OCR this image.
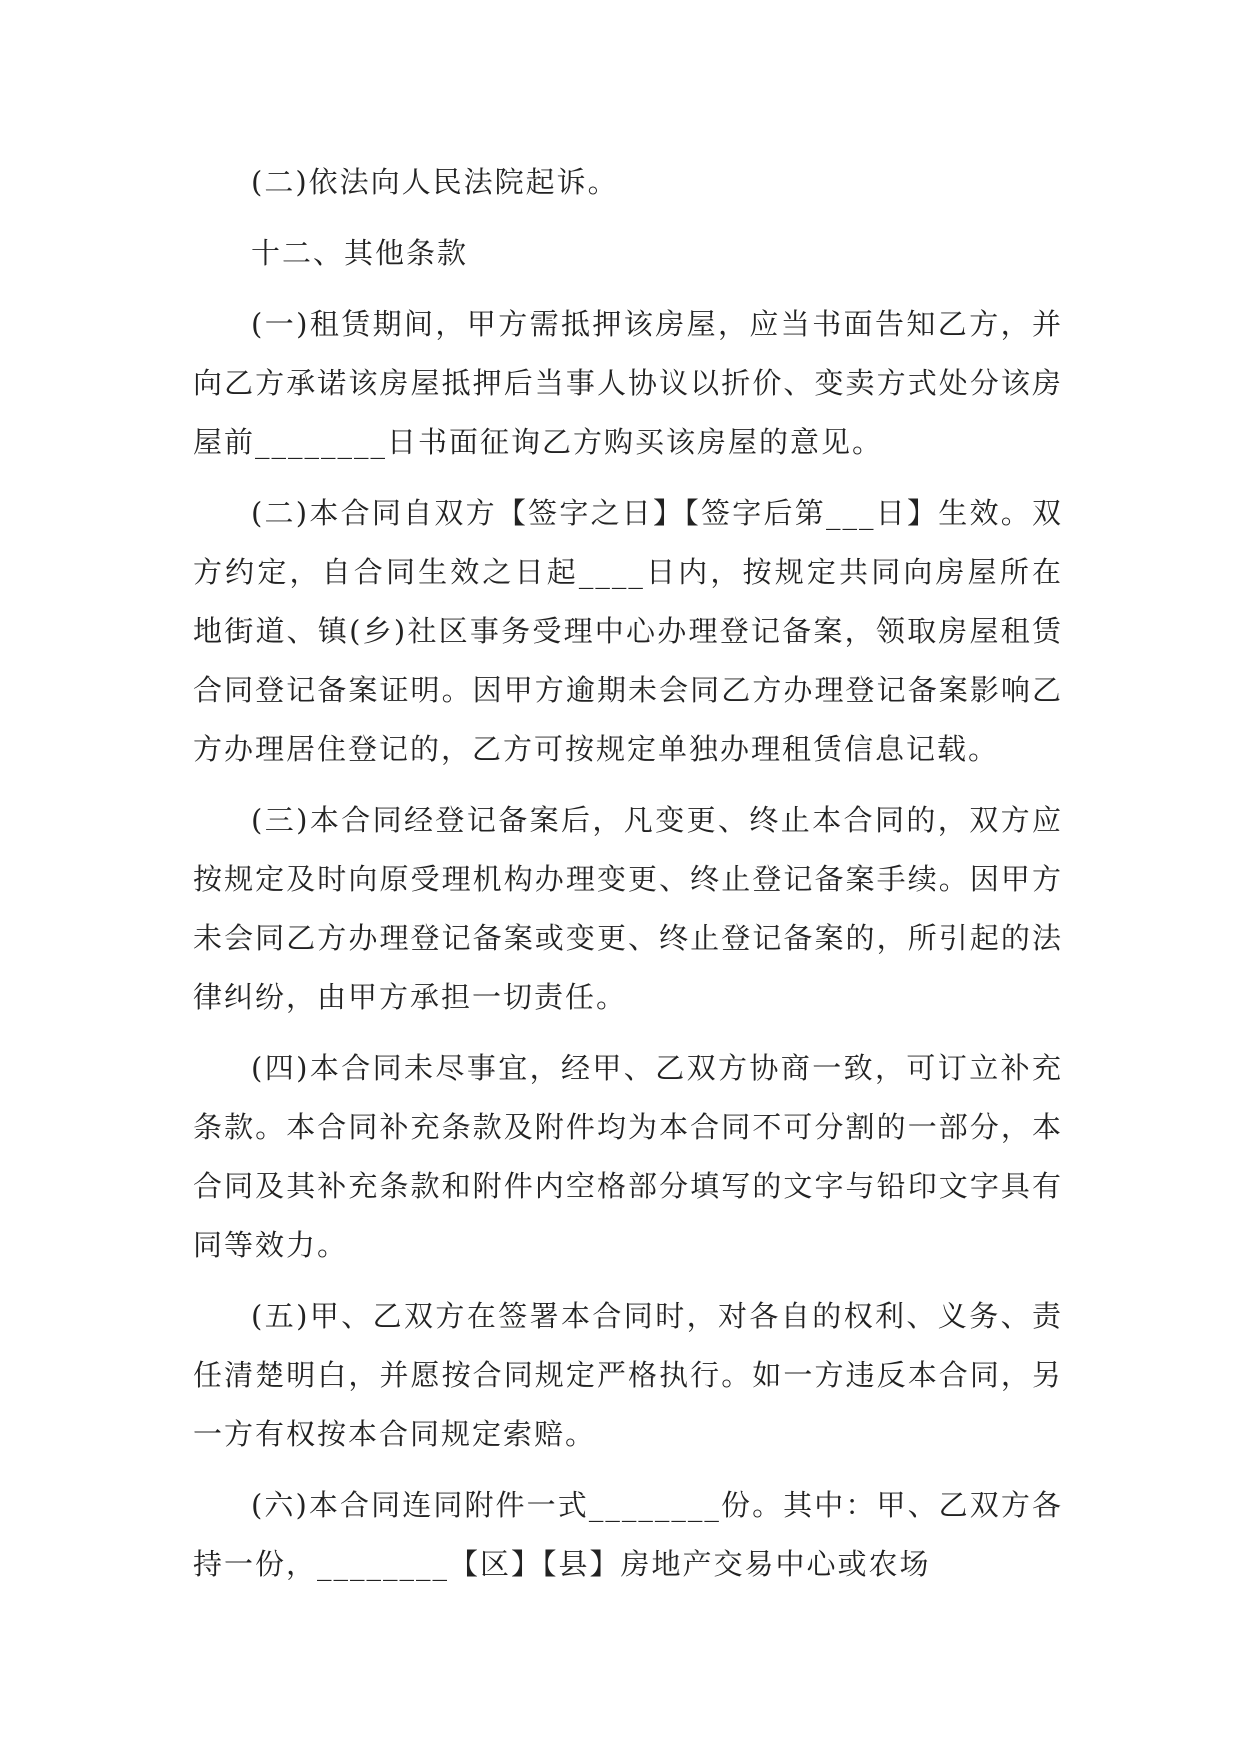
(二)依法向人民法院起诉。

十二、其他条款

(一)租赁期间，甲方需抵押该房屋，应当书面告知乙方，并向乙方承诺该房屋抵押后当事人协议以折价、变卖方式处分该房屋前________日书面征询乙方购买该房屋的意见。

(二)本合同自双方【签字之日】【签字后第___日】生效。双方约定，自合同生效之日起____日内，按规定共同向房屋所在地街道、镇(乡)社区事务受理中心办理登记备案，领取房屋租赁合同登记备案证明。因甲方逾期未会同乙方办理登记备案影响乙方办理居住登记的，乙方可按规定单独办理租赁信息记载。

(三)本合同经登记备案后，凡变更、终止本合同的，双方应按规定及时向原受理机构办理变更、终止登记备案手续。因甲方未会同乙方办理登记备案或变更、终止登记备案的，所引起的法律纠纷，由甲方承担一切责任。

(四)本合同未尽事宜，经甲、乙双方协商一致，可订立补充条款。本合同补充条款及附件均为本合同不可分割的一部分，本合同及其补充条款和附件内空格部分填写的文字与铅印文字具有同等效力。

(五)甲、乙双方在签署本合同时，对各自的权利、义务、责任清楚明白，并愿按合同规定严格执行。如一方违反本合同，另一方有权按本合同规定索赔。

(六)本合同连同附件一式________份。其中：甲、乙双方各持一份，________【区】【县】房地产交易中心或农场
